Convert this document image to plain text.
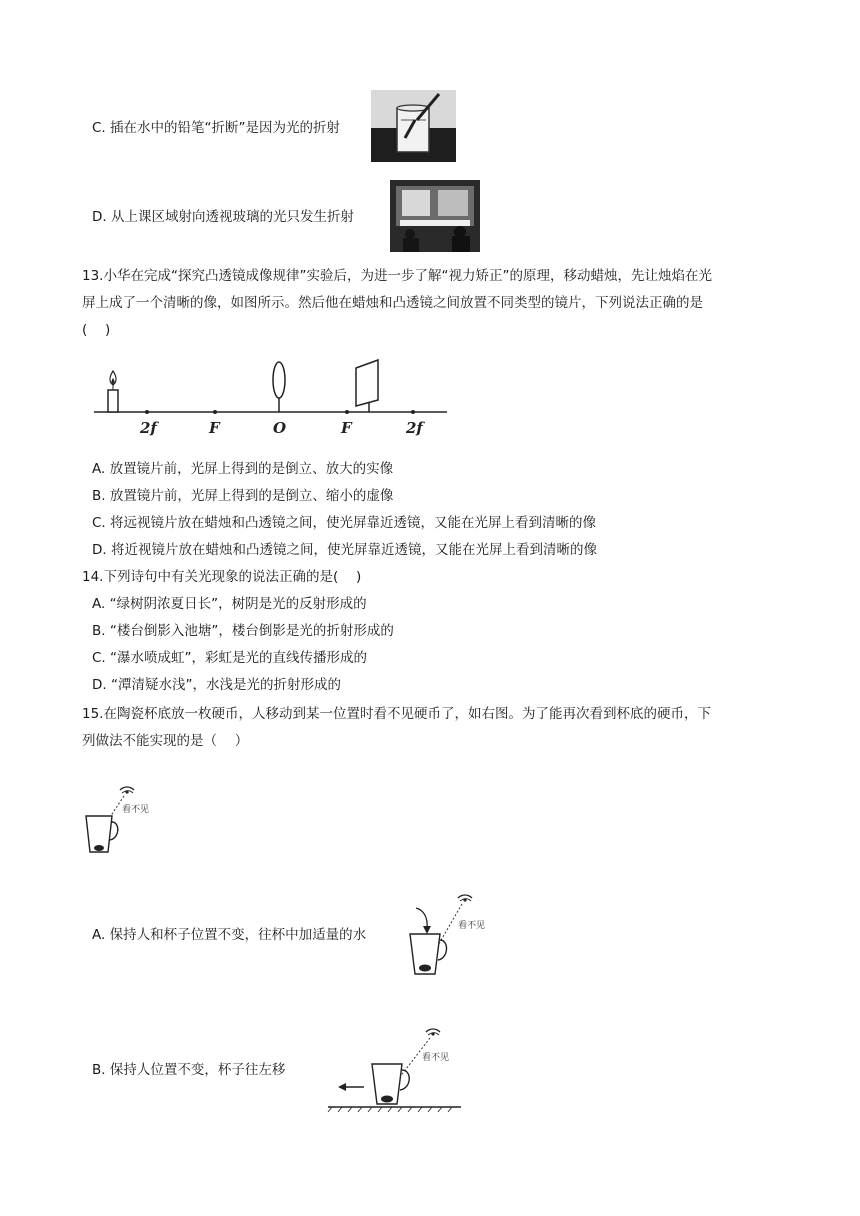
C. 插在水中的铅笔“折断”是因为光的折射
D. 从上课区域射向透视玻璃的光只发生折射
13.小华在完成“探究凸透镜成像规律”实验后，为进一步了解“视力矫正”的原理，移动蜡烛，先让烛焰在光
屏上成了一个清晰的像，如图所示。然后他在蜡烛和凸透镜之间放置不同类型的镜片，下列说法正确的是
(　 )
2f	F	O	F	2f
A. 放置镜片前，光屏上得到的是倒立、放大的实像
B. 放置镜片前，光屏上得到的是倒立、缩小的虚像
C. 将远视镜片放在蜡烛和凸透镜之间，使光屏靠近透镜，又能在光屏上看到清晰的像
D. 将近视镜片放在蜡烛和凸透镜之间，使光屏靠近透镜，又能在光屏上看到清晰的像
14.下列诗句中有关光现象的说法正确的是(　 )
A. “绿树阴浓夏日长”，树阴是光的反射形成的
B. “楼台倒影入池塘”，楼台倒影是光的折射形成的
C. “瀑水喷成虹”，彩虹是光的直线传播形成的
D. “潭清疑水浅”，水浅是光的折射形成的
15.在陶瓷杯底放一枚硬币，人移动到某一位置时看不见硬币了，如右图。为了能再次看到杯底的硬币，下
列做法不能实现的是（　 ）
看不见
A. 保持人和杯子位置不变，往杯中加适量的水
看不见
B. 保持人位置不变，杯子往左移
看不见
